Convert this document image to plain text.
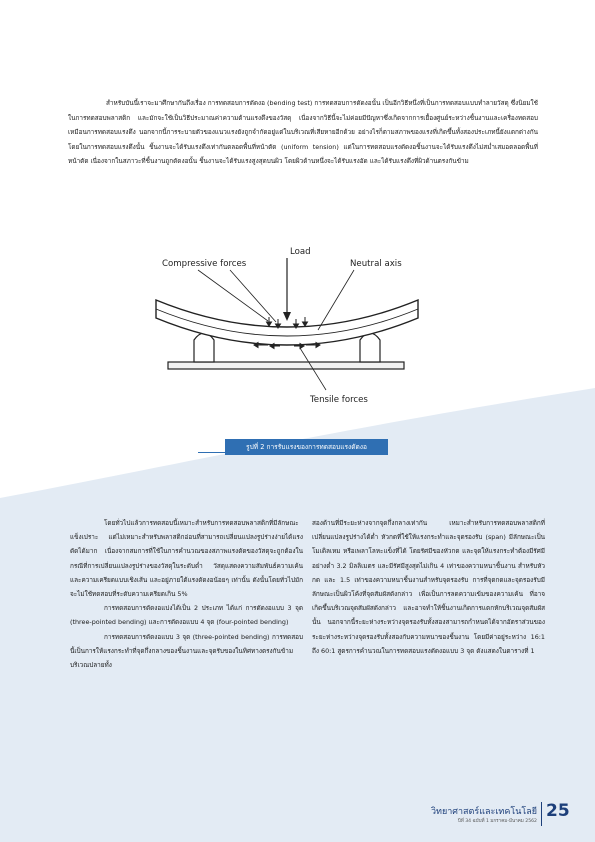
สำหรับบันนี้เราจะมาศึกษากันถึงเรื่อง การทดสอบการดัดงอ (bending test) การทดสอบการดัดงอนั้น เป็นอีกวิธีหนึ่งที่เป็นการทดสอบแบบทำลายวัสดุ ซึ่งนิยมใช้ในการทดสอบพลาสติก และมักจะใช้เป็นวิธีประมาณค่าความต้านแรงดึงของวัสดุ เนื่องจากวิธีนี้จะไม่ค่อยมีปัญหาซึ่งเกิดจากการเยื้องศูนย์ระหว่างชิ้นงานและเครื่องทดสอบเหมือนการทดสอบแรงดึง นอกจากนี้การระบายตัวของแนวแรงยังถูกจำกัดอยู่แต่ในบริเวณที่เสียหายอีกด้วย อย่างไรก็ตามสภาพของแรงที่เกิดขึ้นทั้งสองประเภทนี้ยังแตกต่างกัน โดยในการทดสอบแรงดึงนั้น ชิ้นงานจะได้รับแรงดึงเท่ากันตลอดพื้นที่หน้าตัด (uniform tension) แต่ในการทดสอบแรงดัดงอชิ้นงานจะได้รับแรงดึงไม่สม่ำเสมอตลอดพื้นที่หน้าตัด เนื่องจากในสภาวะที่ชิ้นงานถูกดัดงอนั้น ชิ้นงานจะได้รับแรงสูงสุดบนผิว โดยผิวด้านหนึ่งจะได้รับแรงอัด และได้รับแรงดึงที่ผิวด้านตรงกันข้าม
Load
Compressive forces	Neutral axis
Tensile forces
รูปที่ 2 การรับแรงของการทดสอบแรงดัดงอ

โดยทั่วไปแล้วการทดสอบนี้เหมาะสำหรับการทดสอบพลาสติกที่มีลักษณะแข็งเปราะ แต่ไม่เหมาะสำหรับพลาสติกอ่อนที่สามารถเปลี่ยนแปลงรูปร่างง่ายได้แรงดัดได้มาก เนื่องจากสมการที่ใช้ในการคำนวณของสภาพแรงดัดของวัสดุจะถูกต้องในกรณีที่การเปลี่ยนแปลงรูปร่างของวัสดุในระดับต่ำ วัสดุแสดงความสัมพันธ์ความเค้นและความเครียดแบบเชิงเส้น และอยู่ภายใต้แรงดัดงอน้อยๆ เท่านั้น ดังนั้นโดยทั่วไปมักจะไม่ใช้ทดสอบที่ระดับความเครียดเกิน 5%

การทดสอบการดัดงอแบ่งได้เป็น 2 ประเภท ได้แก่ การดัดงอแบบ 3 จุด (three-pointed bending) และการดัดงอแบบ 4 จุด (four-pointed bending)

การทดสอบการดัดงอแบบ 3 จุด (three-pointed bending) การทดสอบนี้เป็นการให้แรงกระทำที่จุดกึ่งกลางของชิ้นงานและจุดรับของในทิศทางตรงกันข้ามบริเวณปลายทั้ง

สองด้านที่มีระยะห่างจากจุดกึ่งกลางเท่ากัน เหมาะสำหรับการทดสอบพลาสติกที่เปลี่ยนแปลงรูปร่างได้ต่ำ หัวกดที่ใช้ให้แรงกระทำและจุดรองรับ (span) มีลักษณะเป็นโมเดิลเหม หรือเพลาโลหะแข็งที่ได้ โดยรัศมีของหัวกด และจุดให้แรงกระทำต้องมีรัศมีอย่างต่ำ 3.2 มิลลิเมตร และมีรัศมีสูงสุดไม่เกิน 4 เท่าของความหนาชิ้นงาน สำหรับหัวกด และ 1.5 เท่าของความหนาชิ้นงานสำหรับจุดรองรับ การที่จุดกดและจุดรองรับมีลักษณะเป็นผิวโค้งที่จุดสัมผัสดังกล่าว เพื่อเป็นการลดความเข้มของความเค้น ที่อาจเกิดขึ้นบริเวณจุดสัมผัสดังกล่าว และอาจทำให้ชิ้นงานเกิดการแตกหักบริเวณจุดสัมผัสนั้น นอกจากนี้ระยะห่างระหว่างจุดรองรับทั้งสองสามารถกำหนดได้จากอัตราส่วนของระยะห่างระหว่างจุดรองรับทั้งสองกับความหนาของชิ้นงาน โดยมีค่าอยู่ระหว่าง 16:1 ถึง 60:1 สูตรการคำนวณในการทดสอบแรงดัดงอแบบ 3 จุด ดังแสดงในตารางที่ 1

วิทยาศาสตร์และเทคโนโลยี
ปีที่ 34 ฉบับที่ 1 มกราคม-มีนาคม 2562
25
